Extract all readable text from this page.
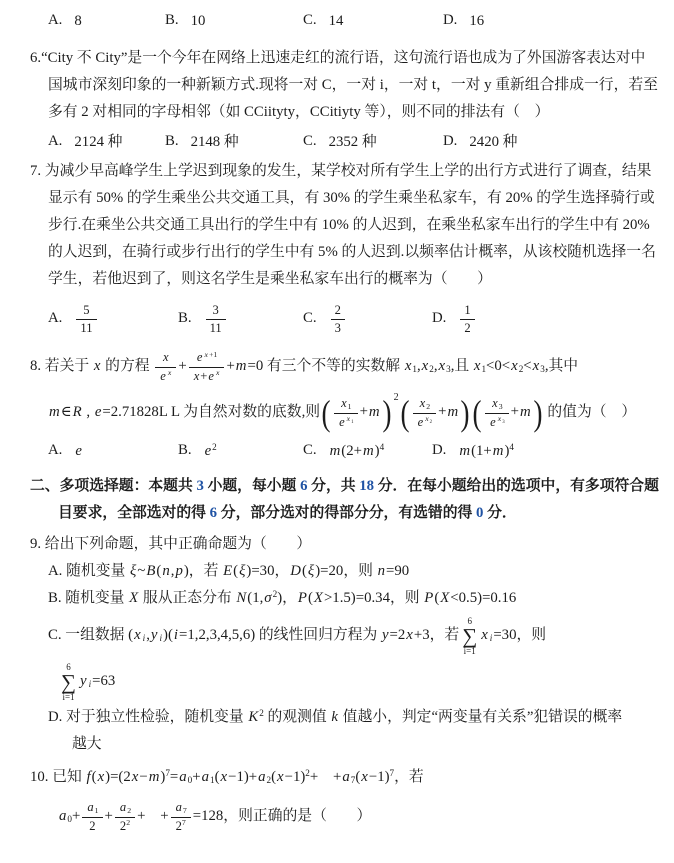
A. 8	B. 10	C. 14	D. 16
6.“City 不 City”是一个今年在网络上迅速走红的流行语，这句流行语也成为了外国游客表达对中
国城市深刻印象的一种新颖方式.现将一对 C，一对 i，一对 t，一对 y 重新组合排成一行，若至
多有 2 对相同的字母相邻（如 CCiityty，CCitiyty 等），则不同的排法有（　）
A. 2124 种	B. 2148 种	C. 2352 种	D. 2420 种
7. 为减少早高峰学生上学迟到现象的发生，某学校对所有学生上学的出行方式进行了调查，结果
显示有 50% 的学生乘坐公共交通工具，有 30% 的学生乘坐私家车，有 20% 的学生选择骑行或
步行.在乘坐公共交通工具出行的学生中有 10% 的人迟到，在乘坐私家车出行的学生中有 20%
的人迟到，在骑行或步行出行的学生中有 5% 的人迟到.以频率估计概率，从该校随机选择一名
学生，若他迟到了，则这名学生是乘坐私家车出行的概率为（　　）
A. $\frac{5}{11}$	B. $\frac{3}{11}$	C. $\frac{2}{3}$	D. $\frac{1}{2}$
8. 若关于 x 的方程 $\frac{x}{e ^x} + \frac{e ^{x+1}}{x+e ^x} +m=0$ 有三个不等的实数解 x1,x2,x3,且 x1<0<x2<x3,其中
m∈R , e=2.71828L L 为自然对数的底数,则 ( $\frac{x1}{e ^{x1}} +m$ ) 2 ( $\frac{x2}{e ^{x2}} +m$ ) ( $\frac{x3}{e ^{x3}} +m$ ) 的值为（　）
A. e	B. $e^2$	C. $m(2+m)^4$	D. $m(1+m)^4$
二、多项选择题：本题共 3 小题，每小题 6 分，共 18 分．在每小题给出的选项中，有多项符合题
目要求，全部选对的得 6 分，部分选对的得部分分，有选错的得 0 分．
9. 给出下列命题，其中正确命题为（　　）
A. 随机变量 ξ~B(n,p)，若 E(ξ)=30，D(ξ)=20，则 n=90
B. 随机变量 X 服从正态分布 $N(1,\sigma^2)$，P(X>1.5)=0.34，则 P(X<0.5)=0.16
C. 一组数据 (x i,y i)(i=1,2,3,4,5,6) 的线性回归方程为 y=2x+3，若
6
∑
i=1
x i=30，则
6
∑
i=1
y i=63
D. 对于独立性检验，随机变量 $K^2$ 的观测值 k 值越小，判定“两变量有关系”犯错误的概率
越大
10. 已知 $f(x)=(2x-m)^7=a0+a1(x-1)+a2(x-1)^2+$　$+a7(x-1)^7$，若
$a0+ \frac{a1}{2} + \frac{a2}{2^2}$ +　+ $\frac{a7}{2^7} =128$，则正确的是（　　）
